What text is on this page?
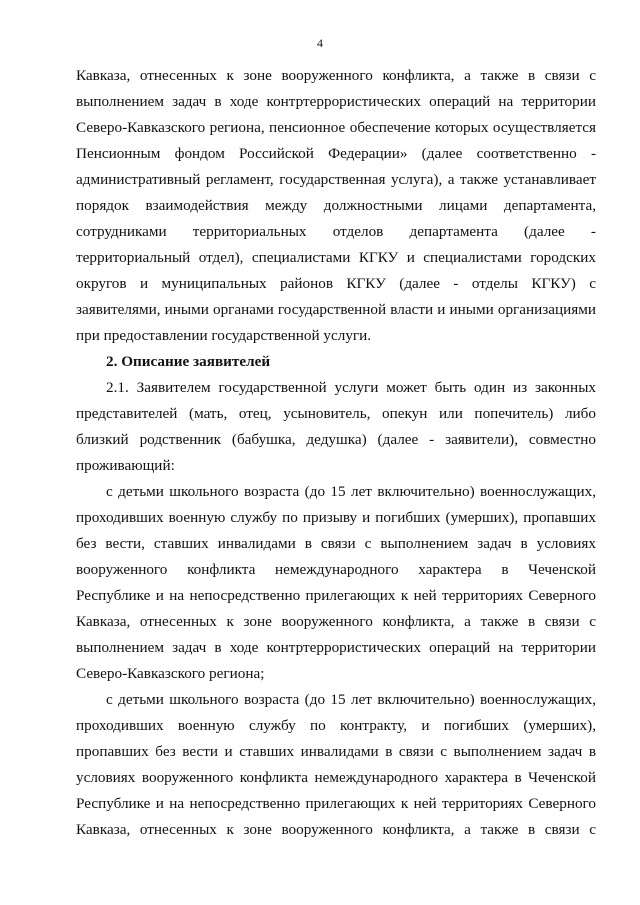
4
Кавказа, отнесенных к зоне вооруженного конфликта, а также в связи с
выполнением задач в ходе контртеррористических операций на территории
Северо-Кавказского региона, пенсионное обеспечение которых осуществляется
Пенсионным фондом Российской Федерации» (далее соответственно -
административный регламент, государственная услуга), а также устанавливает
порядок взаимодействия между должностными лицами департамента,
сотрудниками территориальных отделов департамента (далее -
территориальный отдел), специалистами КГКУ и специалистами городских
округов и муниципальных районов КГКУ (далее - отделы КГКУ) с
заявителями, иными органами государственной власти и иными организациями
при предоставлении государственной услуги.
2. Описание заявителей
2.1. Заявителем государственной услуги может быть один из законных
представителей (мать, отец, усыновитель, опекун или попечитель) либо
близкий родственник (бабушка, дедушка) (далее - заявители), совместно
проживающий:
с детьми школьного возраста (до 15 лет включительно) военнослужащих,
проходивших военную службу по призыву и погибших (умерших), пропавших
без вести, ставших инвалидами в связи с выполнением задач в условиях
вооруженного конфликта немеждународного характера в Чеченской
Республике и на непосредственно прилегающих к ней территориях Северного
Кавказа, отнесенных к зоне вооруженного конфликта, а также в связи с
выполнением задач в ходе контртеррористических операций на территории
Северо-Кавказского региона;
с детьми школьного возраста (до 15 лет включительно) военнослужащих,
проходивших военную службу по контракту, и погибших (умерших),
пропавших без вести и ставших инвалидами в связи с выполнением задач в
условиях вооруженного конфликта немеждународного характера в Чеченской
Республике и на непосредственно прилегающих к ней территориях Северного
Кавказа, отнесенных к зоне вооруженного конфликта, а также в связи с
